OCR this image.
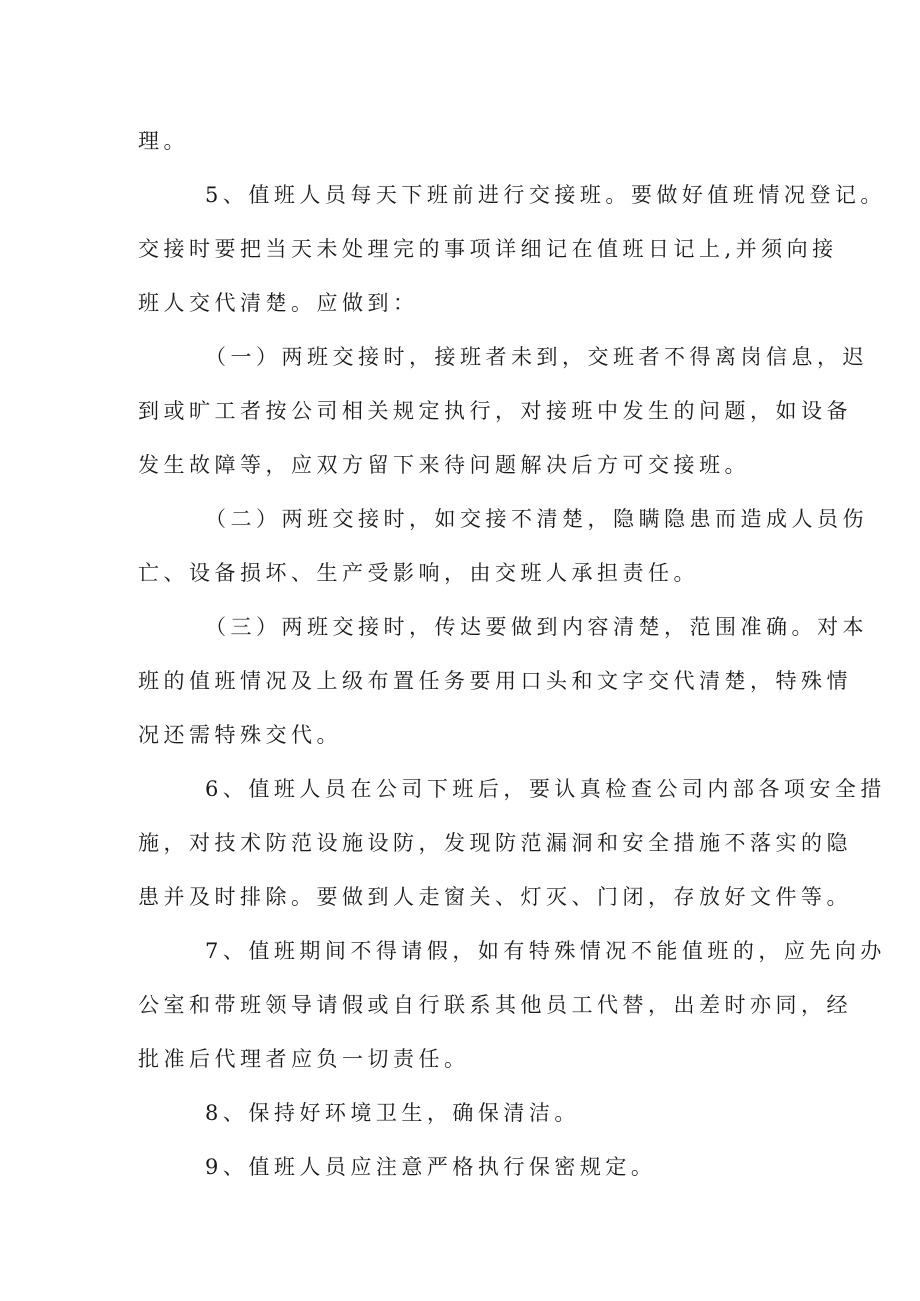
理。

5、值班人员每天下班前进行交接班。要做好值班情况登记。
交接时要把当天未处理完的事项详细记在值班日记上,并须向接
班人交代清楚。应做到：

（一）两班交接时，接班者未到，交班者不得离岗信息，迟
到或旷工者按公司相关规定执行，对接班中发生的问题，如设备
发生故障等，应双方留下来待问题解决后方可交接班。

（二）两班交接时，如交接不清楚，隐瞒隐患而造成人员伤
亡、设备损坏、生产受影响，由交班人承担责任。

（三）两班交接时，传达要做到内容清楚，范围准确。对本
班的值班情况及上级布置任务要用口头和文字交代清楚，特殊情
况还需特殊交代。

6、值班人员在公司下班后，要认真检查公司内部各项安全措
施，对技术防范设施设防，发现防范漏洞和安全措施不落实的隐
患并及时排除。要做到人走窗关、灯灭、门闭，存放好文件等。

7、值班期间不得请假，如有特殊情况不能值班的，应先向办
公室和带班领导请假或自行联系其他员工代替，出差时亦同，经
批准后代理者应负一切责任。

8、保持好环境卫生，确保清洁。

9、值班人员应注意严格执行保密规定。
